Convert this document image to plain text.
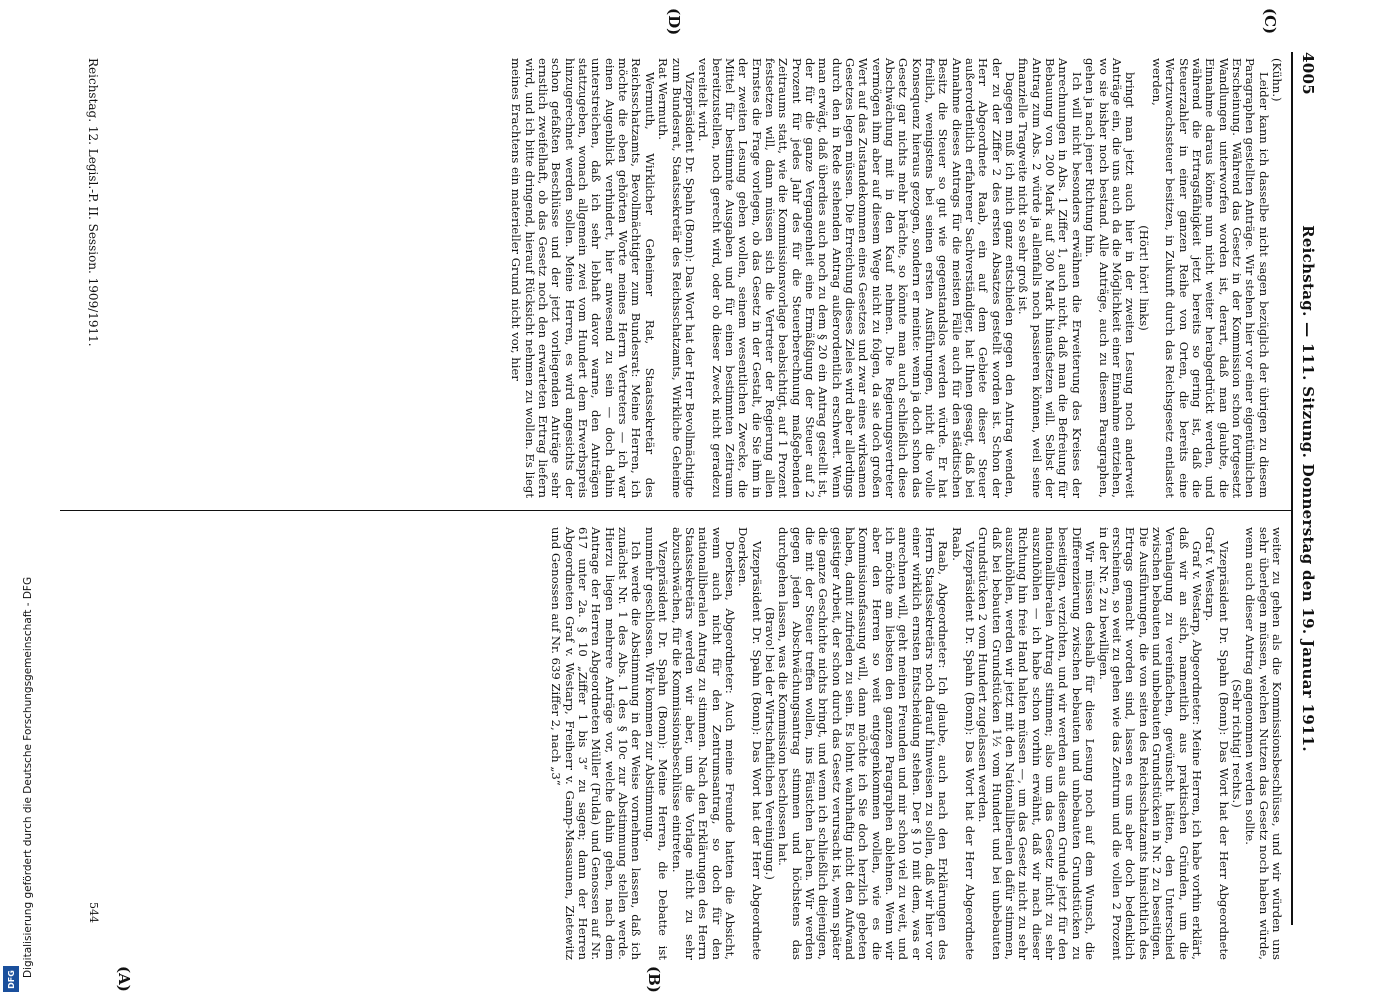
Reichstag. — 111. Sitzung. Donnerstag den 19. Januar 1911.
4005
(C)
(D)
(A)	(B)

(Kühn.)

Leider kann ich dasselbe nicht sagen bezüglich der übrigen zu diesem Paragraphen gestellten Anträge. Wir stehen hier vor einer eigentümlichen Erscheinung. Während das Gesetz in der Kommission schon fortgesetzt Wandlungen unterworfen worden ist, derart, daß man glaubte, die Einnahme daraus könne nun nicht weiter herabgedrückt werden, und während die Ertragsfähigkeit jetzt bereits so gering ist, daß die Steuerzahler in einer ganzen Reihe von Orten, die bereits eine Wertzuwachssteuer besitzen, in Zukunft durch das Reichsgesetz entlastet werden,

(Hört! hört! links)

bringt man jetzt auch hier in der zweiten Lesung noch anderweit Anträge ein, die uns auch da die Möglichkeit einer Einnahme entziehen, wo sie bisher noch bestand. Alle Anträge, auch zu diesem Paragraphen, gehen ja nach jener Richtung hin.

Ich will nicht besonders erwähnen die Erweiterung des Kreises der Anrechnungen in Abs. 1 Ziffer 1, auch nicht, daß man die Befreiung für Bebauung von 200 Mark auf 300 Mark hinaufsetzen will. Selbst der Antrag zum Abs. 2 würde ja allenfalls noch passieren können, weil seine finanzielle Tragweite nicht so sehr groß ist.

Dagegen muß ich mich ganz entschieden gegen den Antrag wenden, der zu der Ziffer 2 des ersten Absatzes gestellt worden ist. Schon der Herr Abgeordnete Raab, ein auf dem Gebiete dieser Steuer außerordentlich erfahrener Sachverständiger, hat Ihnen gesagt, daß bei Annahme dieses Antrags für die meisten Fälle auch für den städtischen Besitz die Steuer so gut wie gegenstandslos werden würde. Er hat freilich, wenigstens bei seinen ersten Ausführungen, nicht die volle Konsequenz hieraus gezogen, sondern er meinte: wenn ja doch schon das Gesetz gar nichts mehr brächte, so könnte man auch schließlich diese Abschwächung mit in den Kauf nehmen. Die Regierungsvertreter vermögen ihm aber auf diesem Wege nicht zu folgen, da sie doch großen Wert auf das Zustandekommen eines Gesetzes und zwar eines wirksamen Gesetzes legen müssen. Die Erreichung dieses Zieles wird aber allerdings durch den in Rede stehenden Antrag außerordentlich erschwert. Wenn man erwägt, daß überdies auch noch zu dem § 20 ein Antrag gestellt ist, der für die ganze Vergangenheit eine Ermäßigung der Steuer auf 2 Prozent für jedes Jahr des für die Steuerberechnung maßgebenden Zeitraums statt, wie die Kommissionsvorlage beabsichtigt, auf 1 Prozent festsetzen will, dann müssen sich die Vertreter der Regierung allen Ernstes die Frage vorlegen, ob das Gesetz in der Gestalt, die Sie ihm in der zweiten Lesung geben wollen, seinem wesentlichen Zwecke, die Mittel für bestimmte Ausgaben und für einen bestimmten Zeitraum bereitzustellen, noch gerecht wird, oder ob dieser Zweck nicht geradezu vereitelt wird.

Vizepräsident Dr. Spahn (Bonn): Das Wort hat der Herr Bevollmächtigte zum Bundesrat, Staatssekretär des Reichsschatzamts, Wirkliche Geheime Rat Wermuth.

Wermuth, Wirklicher Geheimer Rat, Staatssekretär des Reichsschatzamts, Bevollmächtigter zum Bundesrat: Meine Herren, ich möchte die eben gehörten Worte meines Herrn Vertreters — ich war einen Augenblick verhindert, hier anwesend zu sein — doch dahin unterstreichen, daß ich sehr lebhaft davor warne, den Anträgen stattzugeben, wonach allgemein zwei vom Hundert dem Erwerbspreis hinzugerechnet werden sollen. Meine Herren, es wird angesichts der schon gefaßten Beschlüsse und der jetzt vorliegenden Anträge sehr ernstlich zweifelhaft, ob das Gesetz noch den erwarteten Ertrag liefern wird, und ich bitte dringend, hierauf Rücksicht nehmen zu wollen. Es liegt meines Erachtens ein materieller Grund nicht vor, hier

weiter zu gehen als die Kommissionsbeschlüsse, und wir würden uns sehr überlegen müssen, welchen Nutzen das Gesetz noch haben würde, wenn auch dieser Antrag angenommen werden sollte.

(Sehr richtig! rechts.)

Vizepräsident Dr. Spahn (Bonn): Das Wort hat der Herr Abgeordnete Graf v. Westarp.

Graf v. Westarp, Abgeordneter: Meine Herren, ich habe vorhin erklärt, daß wir an sich, namentlich aus praktischen Gründen, um die Veranlagung zu vereinfachen, gewünscht hätten, den Unterschied zwischen bebauten und unbebauten Grundstücken in Nr. 2 zu beseitigen. Die Ausführungen, die von seiten des Reichsschatzamts hinsichtlich des Ertrags gemacht worden sind, lassen es uns aber doch bedenklich erscheinen, so weit zu gehen wie das Zentrum und die vollen 2 Prozent in der Nr. 2 zu bewilligen.

Wir müssen deshalb für diese Lesung noch auf dem Wunsch, die Differenzierung zwischen bebauten und unbebauten Grundstücken zu beseitigen, verzichten, und wir werden aus diesem Grunde jetzt für den nationalliberalen Antrag stimmen; also um das Gesetz nicht zu sehr auszuhöhlen — ich habe schon vorhin erwähnt, daß wir nach dieser Richtung hin freie Hand halten müssen —, um das Gesetz nicht zu sehr auszuhöhlen, werden wir jetzt mit den Nationalliberalen dafür stimmen, daß bei bebauten Grundstücken 1½ vom Hundert und bei unbebauten Grundstücken 2 vom Hundert zugelassen werden.

Vizepräsident Dr. Spahn (Bonn): Das Wort hat der Herr Abgeordnete Raab.

Raab, Abgeordneter: Ich glaube, auch nach den Erklärungen des Herrn Staatssekretärs noch darauf hinweisen zu sollen, daß wir hier vor einer wirklich ernsten Entscheidung stehen. Der § 10 mit dem, was er anrechnen will, geht meinen Freunden und mir schon viel zu weit, und ich möchte am liebsten den ganzen Paragraphen ablehnen. Wenn wir aber den Herren so weit entgegenkommen wollen, wie es die Kommissionsfassung will, dann möchte ich Sie doch herzlich gebeten haben, damit zufrieden zu sein. Es lohnt wahrhaftig nicht den Aufwand geistiger Arbeit, der schon durch das Gesetz verursacht ist, wenn später die ganze Geschichte nichts bringt, und wenn ich schließlich diejenigen, die mit der Steuer treffen wollen, ins Fäustchen lachen. Wir werden gegen jeden Abschwächungsantrag stimmen und höchstens das durchgehen lassen, was die Kommission beschlossen hat.

(Bravo! bei der Wirtschaftlichen Vereinigung.)

Vizepräsident Dr. Spahn (Bonn): Das Wort hat der Herr Abgeordnete Doerksen.

Doerksen, Abgeordneter: Auch meine Freunde hatten die Absicht, wenn auch nicht für den Zentrumsantrag, so doch für den nationalliberalen Antrag zu stimmen. Nach den Erklärungen des Herrn Staatssekretärs werden wir aber, um die Vorlage nicht zu sehr abzuschwächen, für die Kommissionsbeschlüsse eintreten.

Vizepräsident Dr. Spahn (Bonn): Meine Herren, die Debatte ist nunmehr geschlossen. Wir kommen zur Abstimmung.

Ich werde die Abstimmung in der Weise vornehmen lassen, daß ich zunächst Nr. 1 des Abs. 1 des § 10c zur Abstimmung stellen werde. Hierzu liegen mehrere Anträge vor, welche dahin gehen, nach dem Antrage der Herren Abgeordneten Müller (Fulda) und Genossen auf Nr. 617 unter 2a. § 10 „Ziffer 1 bis 3“ zu sagen; dann der Herren Abgeordneten Graf v. Westarp, Freiherr v. Gamp-Massaunen, Zietewitz und Genossen auf Nr. 639 Ziffer 2, nach „3“

Reichstag. 12. Legisl.-P. II. Session. 1909/1911.
544
Digitalisierung gefördert durch die Deutsche Forschungsgemeinschaft - DFG
DFG
